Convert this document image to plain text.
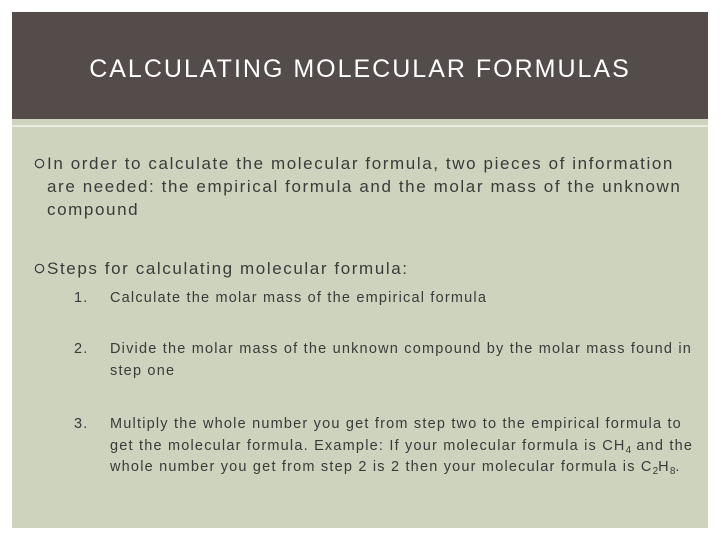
CALCULATING MOLECULAR FORMULAS
In order to calculate the molecular formula, two pieces of information are needed: the empirical formula and the molar mass of the unknown compound
Steps for calculating molecular formula:
1.	Calculate the molar mass of the empirical formula
2.	Divide the molar mass of the unknown compound by the molar mass found in step one
3.	Multiply the whole number you get from step two to the empirical formula to get the molecular formula. Example: If your molecular formula is $CH_4$ and the whole number you get from step 2 is 2 then your molecular formula is $C_2H_8$.
